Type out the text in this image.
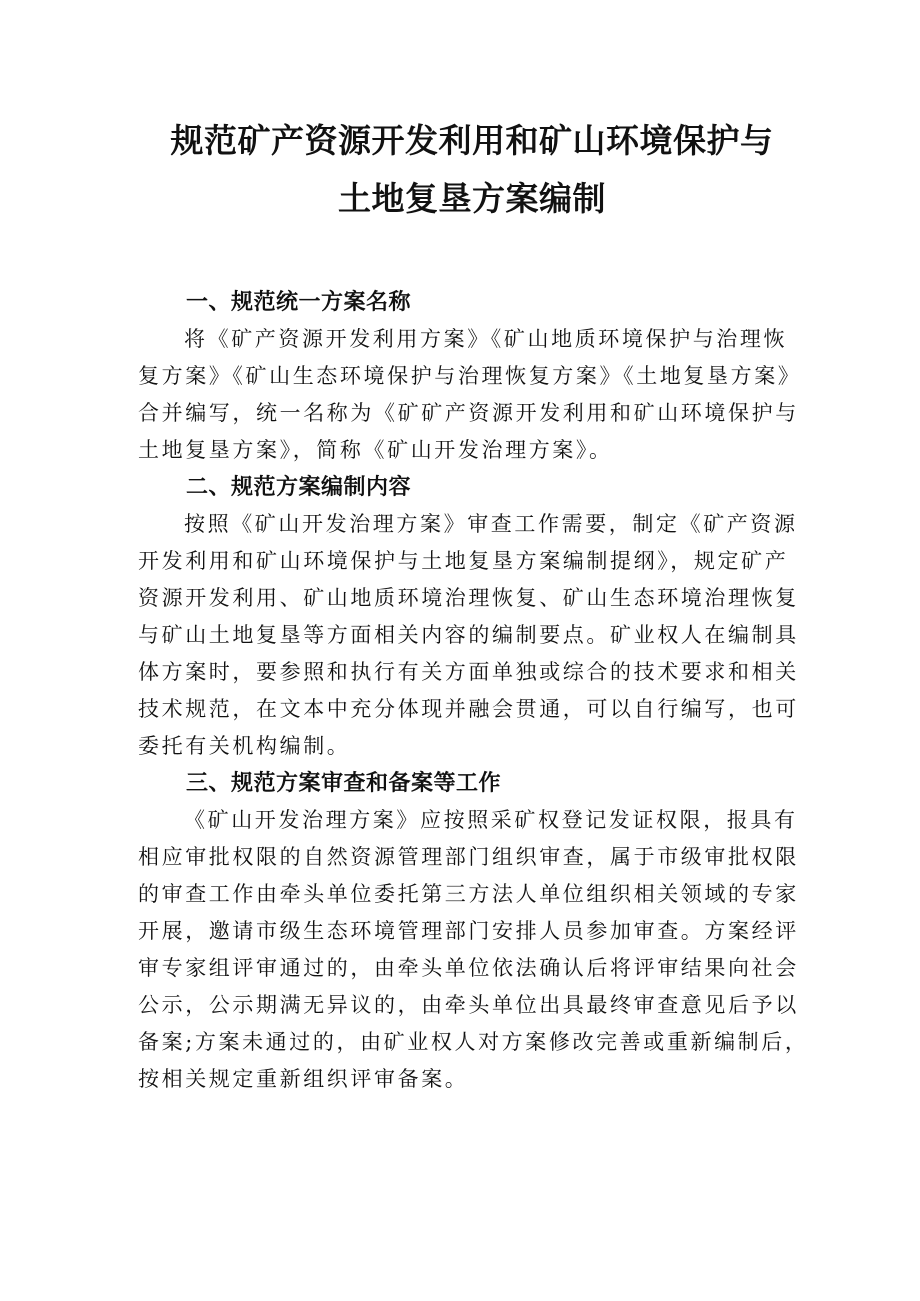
规范矿产资源开发利用和矿山环境保护与
土地复垦方案编制
一、规范统一方案名称

将《矿产资源开发利用方案》《矿山地质环境保护与治理恢
复方案》《矿山生态环境保护与治理恢复方案》《土地复垦方案》
合并编写，统一名称为《矿矿产资源开发利用和矿山环境保护与
土地复垦方案》，简称《矿山开发治理方案》。

二、规范方案编制内容

按照《矿山开发治理方案》审查工作需要，制定《矿产资源
开发利用和矿山环境保护与土地复垦方案编制提纲》，规定矿产
资源开发利用、矿山地质环境治理恢复、矿山生态环境治理恢复
与矿山土地复垦等方面相关内容的编制要点。矿业权人在编制具
体方案时，要参照和执行有关方面单独或综合的技术要求和相关
技术规范，在文本中充分体现并融会贯通，可以自行编写，也可
委托有关机构编制。

三、规范方案审查和备案等工作

《矿山开发治理方案》应按照采矿权登记发证权限，报具有
相应审批权限的自然资源管理部门组织审查，属于市级审批权限
的审查工作由牵头单位委托第三方法人单位组织相关领域的专家
开展，邀请市级生态环境管理部门安排人员参加审查。方案经评
审专家组评审通过的，由牵头单位依法确认后将评审结果向社会
公示，公示期满无异议的，由牵头单位出具最终审查意见后予以
备案;方案未通过的，由矿业权人对方案修改完善或重新编制后，
按相关规定重新组织评审备案。
